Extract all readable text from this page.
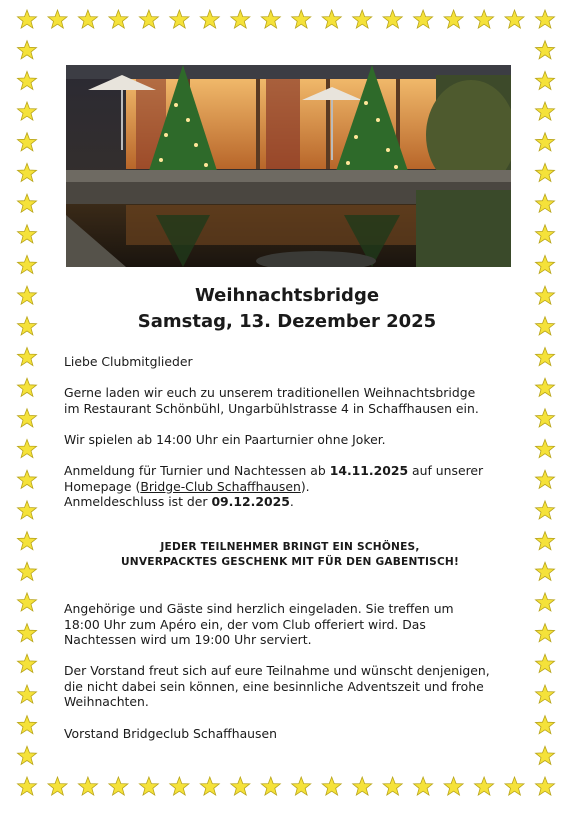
Weihnachtsbridge
Samstag, 13. Dezember 2025

Liebe Clubmitglieder

Gerne laden wir euch zu unserem traditionellen Weihnachtsbridge
im Restaurant Schönbühl, Ungarbühlstrasse 4 in Schaffhausen ein.

Wir spielen ab 14:00 Uhr ein Paarturnier ohne Joker.

Anmeldung für Turnier und Nachtessen ab 14.11.2025 auf unserer
Homepage (Bridge-Club Schaffhausen).
Anmeldeschluss ist der 09.12.2025.
JEDER TEILNEHMER BRINGT EIN SCHÖNES,
UNVERPACKTES GESCHENK MIT FÜR DEN GABENTISCH!
Angehörige und Gäste sind herzlich eingeladen. Sie treffen um
18:00 Uhr zum Apéro ein, der vom Club offeriert wird. Das
Nachtessen wird um 19:00 Uhr serviert.
Der Vorstand freut sich auf eure Teilnahme und wünscht denjenigen,
die nicht dabei sein können, eine besinnliche Adventszeit und frohe
Weihnachten.

Vorstand Bridgeclub Schaffhausen
